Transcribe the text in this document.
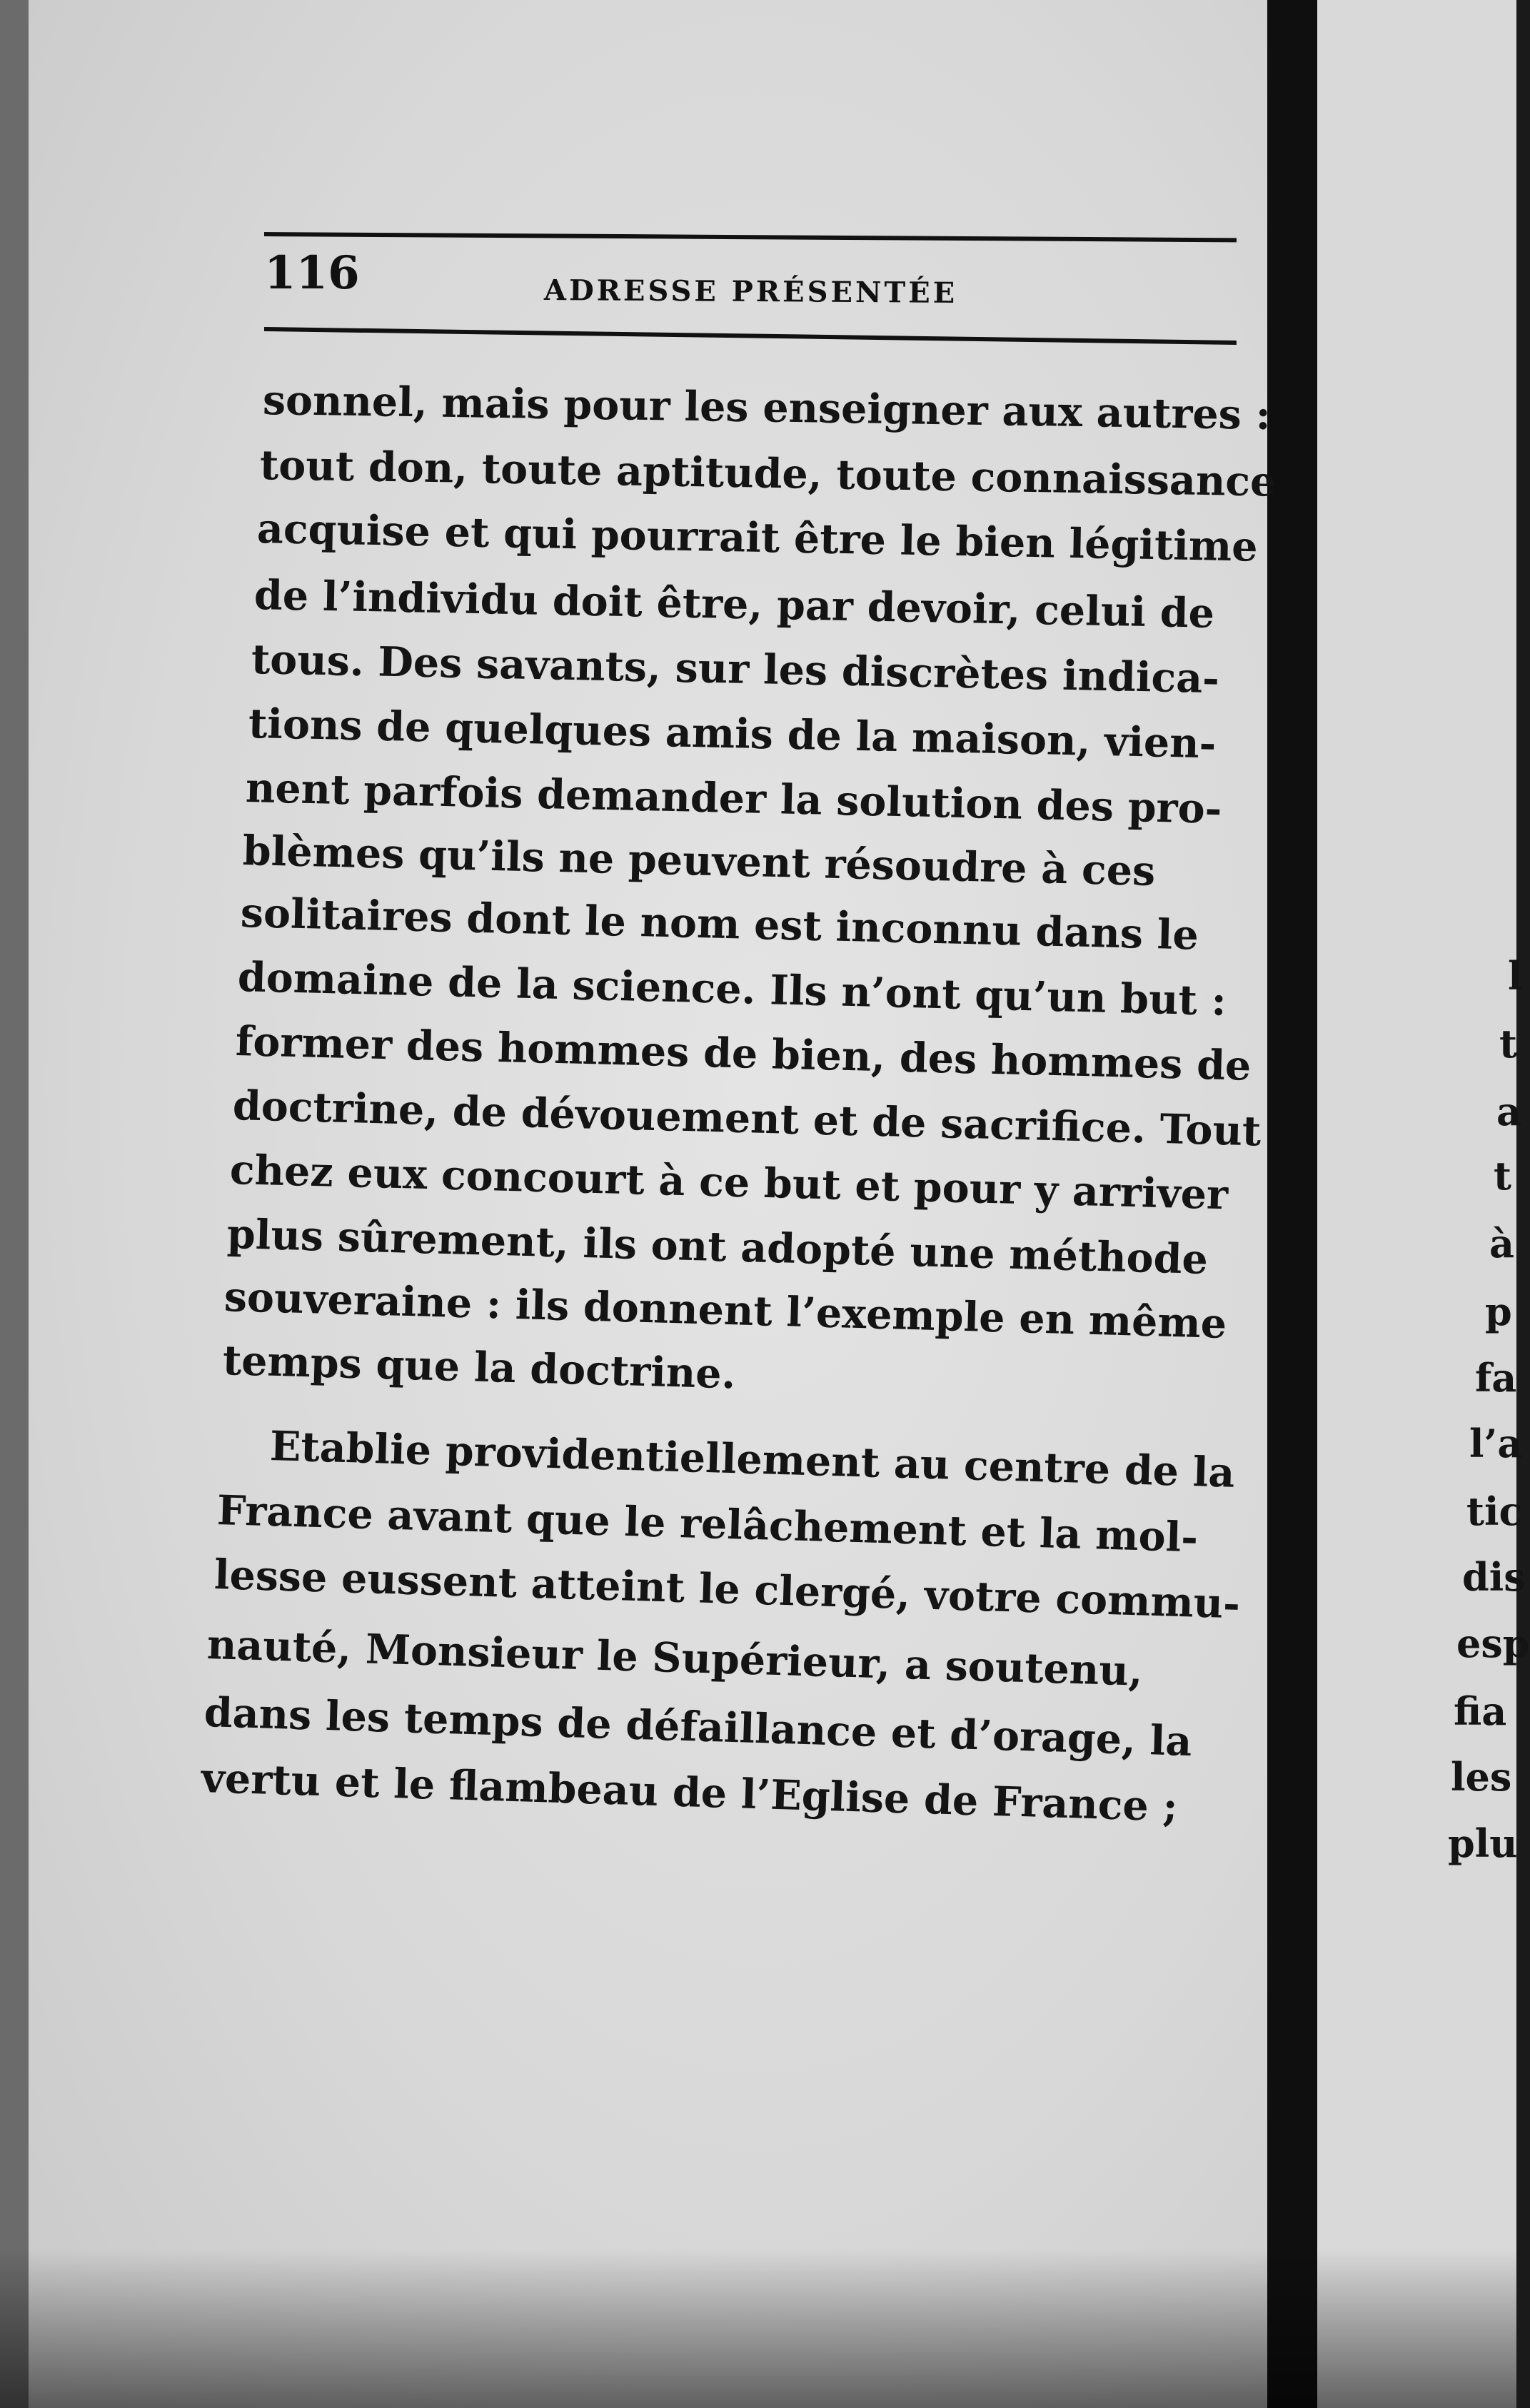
116	ADRESSE PRÉSENTÉE
sonnel, mais pour les enseigner aux autres :
tout don, toute aptitude, toute connaissance
acquise et qui pourrait être le bien légitime
de l’individu doit être, par devoir, celui de
tous. Des savants, sur les discrètes indica-
tions de quelques amis de la maison, vien-
nent parfois demander la solution des pro-
blèmes qu’ils ne peuvent résoudre à ces
solitaires dont le nom est inconnu dans le
domaine de la science. Ils n’ont qu’un but :
former des hommes de bien, des hommes de
doctrine, de dévouement et de sacrifice. Tout
chez eux concourt à ce but et pour y arriver
plus sûrement, ils ont adopté une méthode
souveraine : ils donnent l’exemple en même
temps que la doctrine.
Etablie providentiellement au centre de la
France avant que le relâchement et la mol-
lesse eussent atteint le clergé, votre commu-
nauté, Monsieur le Supérieur, a soutenu,
dans les temps de défaillance et d’orage, la
vertu et le flambeau de l’Eglise de France ;
l
t
a
t
à
p
fa
l’a
tic
dis
esp
fia
les
plu
